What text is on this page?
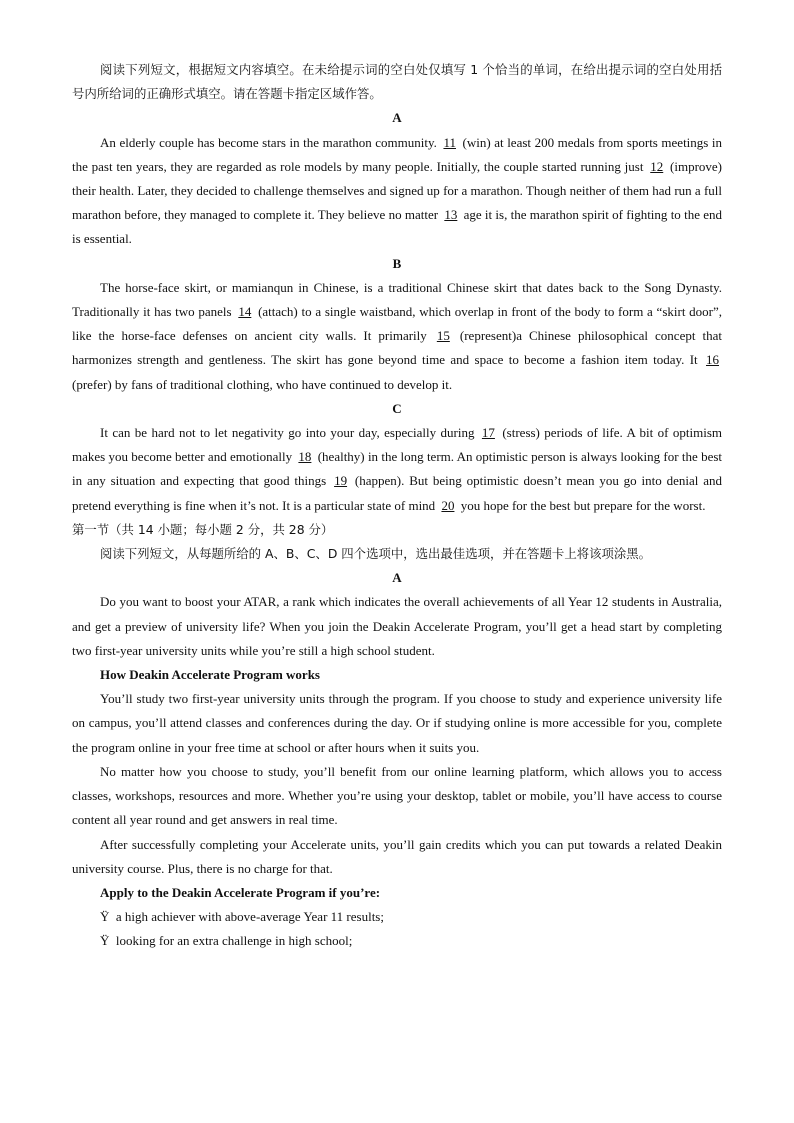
阅读下列短文，根据短文内容填空。在未给提示词的空白处仅填写 1 个恰当的单词，在给出提示词的空白处用括号内所给词的正确形式填空。请在答题卡指定区域作答。

A

An elderly couple has become stars in the marathon community. 11 (win) at least 200 medals from sports meetings in the past ten years, they are regarded as role models by many people. Initially, the couple started running just 12 (improve) their health. Later, they decided to challenge themselves and signed up for a marathon. Though neither of them had run a full marathon before, they managed to complete it. They believe no matter 13 age it is, the marathon spirit of fighting to the end is essential.

B

The horse-face skirt, or mamianqun in Chinese, is a traditional Chinese skirt that dates back to the Song Dynasty. Traditionally it has two panels 14 (attach) to a single waistband, which overlap in front of the body to form a “skirt door”, like the horse-face defenses on ancient city walls. It primarily 15 (represent)a Chinese philosophical concept that harmonizes strength and gentleness. The skirt has gone beyond time and space to become a fashion item today. It 16 (prefer) by fans of traditional clothing, who have continued to develop it.

C

It can be hard not to let negativity go into your day, especially during 17 (stress) periods of life. A bit of optimism makes you become better and emotionally 18 (healthy) in the long term. An optimistic person is always looking for the best in any situation and expecting that good things 19 (happen). But being optimistic doesn’t mean you go into denial and pretend everything is fine when it’s not. It is a particular state of mind 20 you hope for the best but prepare for the worst.

第一节（共 14 小题；每小题 2 分，共 28 分）

阅读下列短文，从每题所给的 A、B、C、D 四个选项中，选出最佳选项，并在答题卡上将该项涂黑。

A

Do you want to boost your ATAR, a rank which indicates the overall achievements of all Year 12 students in Australia, and get a preview of university life? When you join the Deakin Accelerate Program, you’ll get a head start by completing two first-year university units while you’re still a high school student.

How Deakin Accelerate Program works

You’ll study two first-year university units through the program. If you choose to study and experience university life on campus, you’ll attend classes and conferences during the day. Or if studying online is more accessible for you, complete the program online in your free time at school or after hours when it suits you.

No matter how you choose to study, you’ll benefit from our online learning platform, which allows you to access classes, workshops, resources and more. Whether you’re using your desktop, tablet or mobile, you’ll have access to course content all year round and get answers in real time.

After successfully completing your Accelerate units, you’ll gain credits which you can put towards a related Deakin university course. Plus, there is no charge for that.

Apply to the Deakin Accelerate Program if you’re:

Ÿ a high achiever with above-average Year 11 results;

Ÿ looking for an extra challenge in high school;
